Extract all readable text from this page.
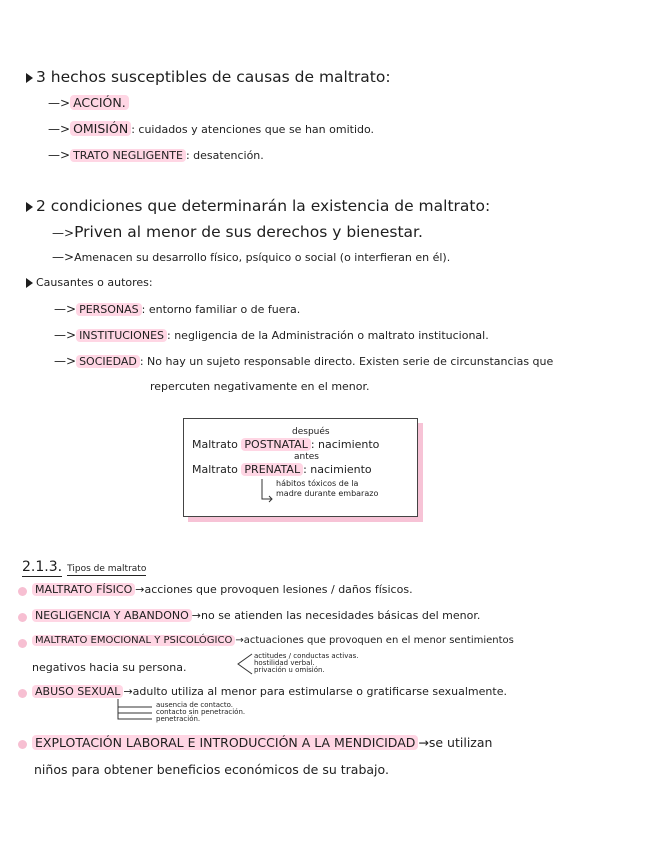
3 hechos susceptibles de causas de maltrato:
—> ACCIÓN.
—> OMISIÓN : cuidados y atenciones que se han omitido.
—> TRATO NEGLIGENTE : desatención.
2 condiciones que determinarán la existencia de maltrato:
—>Priven al menor de sus derechos y bienestar.
—>Amenacen su desarrollo físico, psíquico o social (o interfieran en él).
Causantes o autores:
—> PERSONAS : entorno familiar o de fuera.
—> INSTITUCIONES : negligencia de la Administración o maltrato institucional.
—> SOCIEDAD : No hay un sujeto responsable directo. Existen serie de circunstancias que
repercuten negativamente en el menor.
después
Maltrato POSTNATAL : nacimiento
antes
Maltrato PRENATAL : nacimiento
hábitos tóxicos de la
madre durante embarazo
2.1.3. Tipos de maltrato
MALTRATO FÍSICO →acciones que provoquen lesiones / daños físicos.
NEGLIGENCIA Y ABANDONO →no se atienden las necesidades básicas del menor.
MALTRATO EMOCIONAL Y PSICOLÓGICO →actuaciones que provoquen en el menor sentimientos
negativos hacia su persona.
actitudes / conductas activas.
hostilidad verbal.
privación u omisión.
ABUSO SEXUAL →adulto utiliza al menor para estimularse o gratificarse sexualmente.
ausencia de contacto.
contacto sin penetración.
penetración.
EXPLOTACIÓN LABORAL E INTRODUCCIÓN A LA MENDICIDAD →se utilizan
niños para obtener beneficios económicos de su trabajo.
